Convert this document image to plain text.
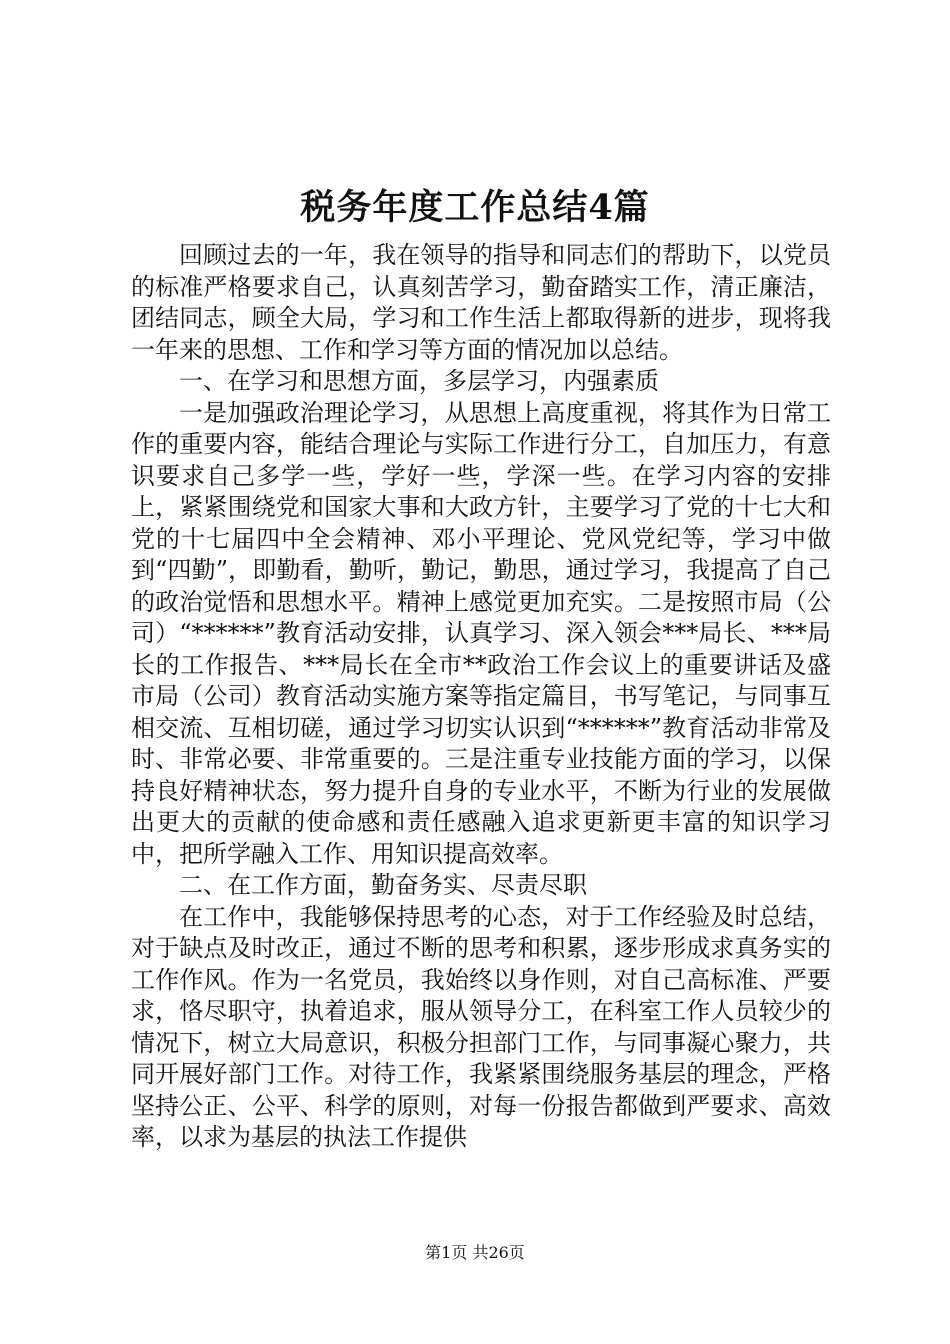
税务年度工作总结4篇

回顾过去的一年，我在领导的指导和同志们的帮助下，以党员的标准严格要求自己，认真刻苦学习，勤奋踏实工作，清正廉洁，团结同志，顾全大局，学习和工作生活上都取得新的进步，现将我一年来的思想、工作和学习等方面的情况加以总结。

一、在学习和思想方面，多层学习，内强素质

一是加强政治理论学习，从思想上高度重视，将其作为日常工作的重要内容，能结合理论与实际工作进行分工，自加压力，有意识要求自己多学一些，学好一些，学深一些。在学习内容的安排上，紧紧围绕党和国家大事和大政方针，主要学习了党的十七大和党的十七届四中全会精神、邓小平理论、党风党纪等，学习中做到“四勤”，即勤看，勤听，勤记，勤思，通过学习，我提高了自己的政治觉悟和思想水平。精神上感觉更加充实。二是按照市局（公司）“******”教育活动安排，认真学习、深入领会***局长、***局长的工作报告、***局长在全市**政治工作会议上的重要讲话及盛市局（公司）教育活动实施方案等指定篇目，书写笔记，与同事互相交流、互相切磋，通过学习切实认识到“******”教育活动非常及时、非常必要、非常重要的。三是注重专业技能方面的学习，以保持良好精神状态，努力提升自身的专业水平，不断为行业的发展做出更大的贡献的使命感和责任感融入追求更新更丰富的知识学习中，把所学融入工作、用知识提高效率。

二、在工作方面，勤奋务实、尽责尽职

在工作中，我能够保持思考的心态，对于工作经验及时总结，对于缺点及时改正，通过不断的思考和积累，逐步形成求真务实的工作作风。作为一名党员，我始终以身作则，对自己高标准、严要求，恪尽职守，执着追求，服从领导分工，在科室工作人员较少的情况下，树立大局意识，积极分担部门工作，与同事凝心聚力，共同开展好部门工作。对待工作，我紧紧围绕服务基层的理念，严格坚持公正、公平、科学的原则，对每一份报告都做到严要求、高效率，以求为基层的执法工作提供

第1页 共26页
